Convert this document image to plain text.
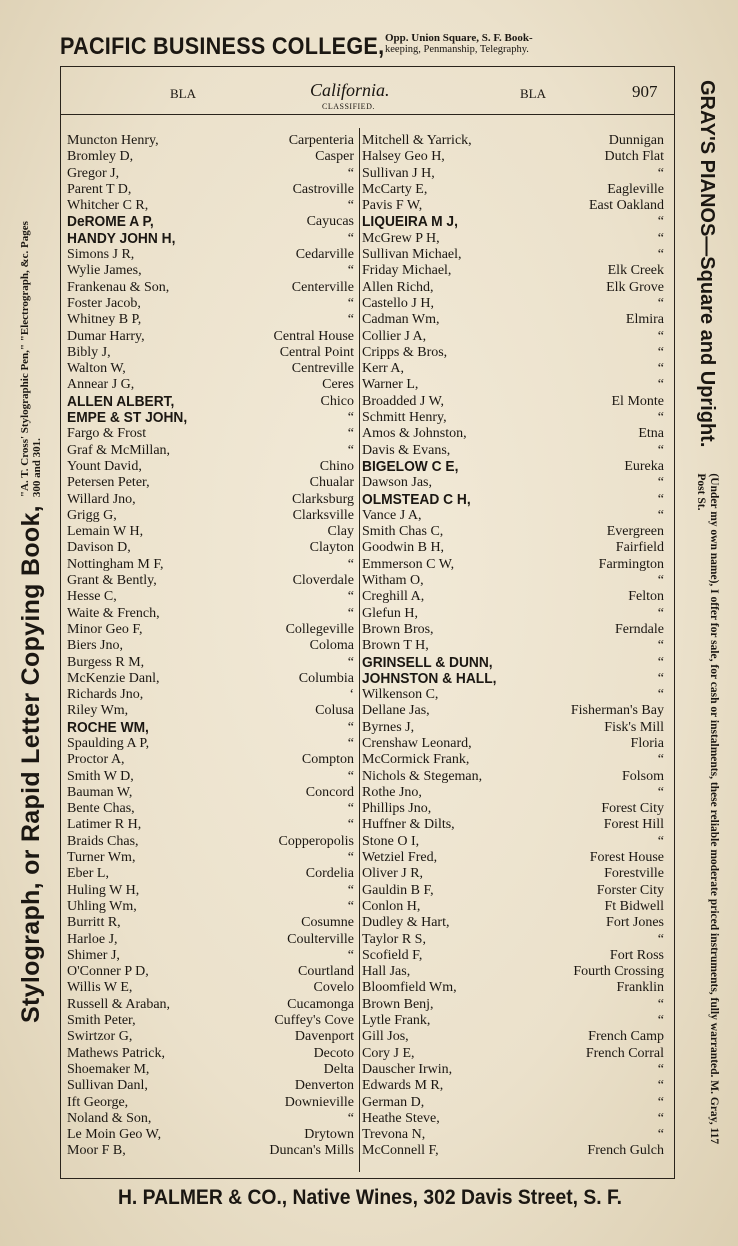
PACIFIC BUSINESS COLLEGE, Opp. Union Square, S. F. Book-
keeping, Penmanship, Telegraphy.
BLA	California.
CLASSIFIED.
BLA	907
Muncton Henry,	Carpenteria
Bromley D,	Casper
Gregor J,	“
Parent T D,	Castroville
Whitcher C R,	“
DeROME A P,	Cayucas
HANDY JOHN H,	“
Simons J R,	Cedarville
Wylie James,	“
Frankenau & Son,	Centerville
Foster Jacob,	“
Whitney B P,	“
Dumar Harry,	Central House
Bibly J,	Central Point
Walton W,	Centreville
Annear J G,	Ceres
ALLEN ALBERT,	Chico
EMPE & ST JOHN,	“
Fargo & Frost	“
Graf & McMillan,	“
Yount David,	Chino
Petersen Peter,	Chualar
Willard Jno,	Clarksburg
Grigg G,	Clarksville
Lemain W H,	Clay
Davison D,	Clayton
Nottingham M F,	“
Grant & Bently,	Cloverdale
Hesse C,	“
Waite & French,	“
Minor Geo F,	Collegeville
Biers Jno,	Coloma
Burgess R M,	“
McKenzie Danl,	Columbia
Richards Jno,	‘
Riley Wm,	Colusa
ROCHE WM,	“
Spaulding A P,	“
Proctor A,	Compton
Smith W D,	“
Bauman W,	Concord
Bente Chas,	“
Latimer R H,	“
Braids Chas,	Copperopolis
Turner Wm,	“
Eber L,	Cordelia
Huling W H,	“
Uhling Wm,	“
Burritt R,	Cosumne
Harloe J,	Coulterville
Shimer J,	“
O'Conner P D,	Courtland
Willis W E,	Covelo
Russell & Araban,	Cucamonga
Smith Peter,	Cuffey's Cove
Swirtzor G,	Davenport
Mathews Patrick,	Decoto
Shoemaker M,	Delta
Sullivan Danl,	Denverton
Ift George,	Downieville
Noland & Son,	“
Le Moin Geo W,	Drytown
Moor F B,	Duncan's Mills
Mitchell & Yarrick,	Dunnigan
Halsey Geo H,	Dutch Flat
Sullivan J H,	“
McCarty E,	Eagleville
Pavis F W,	East Oakland
LIQUEIRA M J,	“
McGrew P H,	“
Sullivan Michael,	“
Friday Michael,	Elk Creek
Allen Richd,	Elk Grove
Castello J H,	“
Cadman Wm,	Elmira
Collier J A,	“
Cripps & Bros,	“
Kerr A,	“
Warner L,	“
Broadded J W,	El Monte
Schmitt Henry,	“
Amos & Johnston,	Etna
Davis & Evans,	“
BIGELOW C E,	Eureka
Dawson Jas,	“
OLMSTEAD C H,	“
Vance J A,	“
Smith Chas C,	Evergreen
Goodwin B H,	Fairfield
Emmerson C W,	Farmington
Witham O,	“
Creghill A,	Felton
Glefun H,	“
Brown Bros,	Ferndale
Brown T H,	“
GRINSELL & DUNN,	“
JOHNSTON & HALL,	“
Wilkenson C,	“
Dellane Jas,	Fisherman's Bay
Byrnes J,	Fisk's Mill
Crenshaw Leonard,	Floria
McCormick Frank,	“
Nichols & Stegeman,	Folsom
Rothe Jno,	“
Phillips Jno,	Forest City
Huffner & Dilts,	Forest Hill
Stone O I,	“
Wetziel Fred,	Forest House
Oliver J R,	Forestville
Gauldin B F,	Forster City
Conlon H,	Ft Bidwell
Dudley & Hart,	Fort Jones
Taylor R S,	“
Scofield F,	Fort Ross
Hall Jas,	Fourth Crossing
Bloomfield Wm,	Franklin
Brown Benj,	“
Lytle Frank,	“
Gill Jos,	French Camp
Cory J E,	French Corral
Dauscher Irwin,	“
Edwards M R,	“
German D,	“
Heathe Steve,	“
Trevona N,	“
McConnell F,	French Gulch
Stylograph, or Rapid Letter Copying Book,
"A. T. Cross' Stylographic Pen," "Electrograph, &c. Pages 300 and 301.
GRAY'S PIANOS—Square and Upright.
(Under my own name), I offer for sale, for cash or instalments, these reliable moderate priced instruments, fully warranted. M. Gray, 117 Post St.
H. PALMER & CO., Native Wines, 302 Davis Street, S. F.
